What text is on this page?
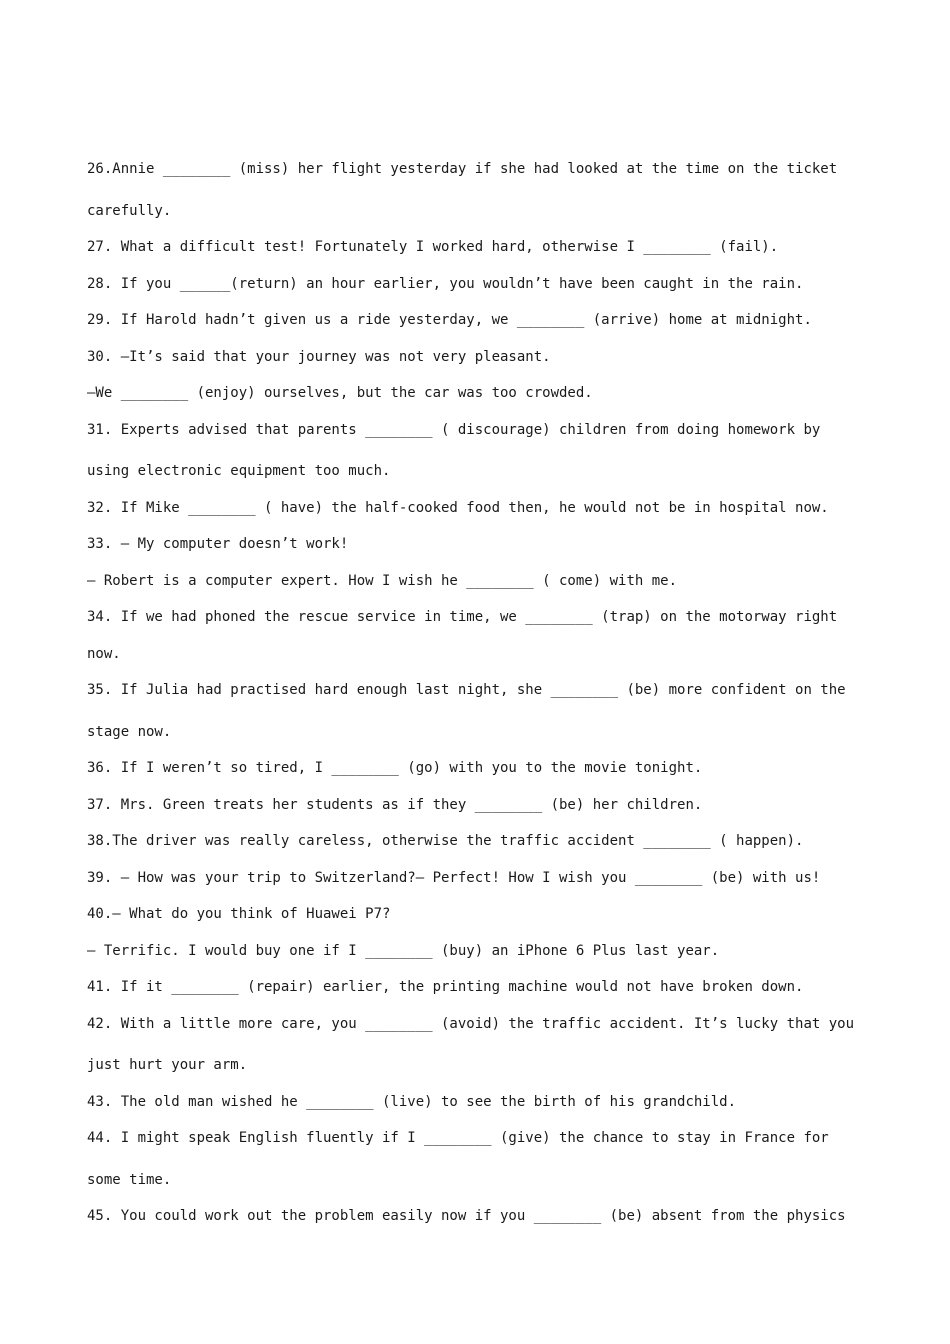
26.Annie ________ (miss) her flight yesterday if she had looked at the time on the ticket
carefully.
27. What a difficult test! Fortunately I worked hard, otherwise I ________ (fail).
28. If you ______(return) an hour earlier, you wouldn’t have been caught in the rain.
29. If Harold hadn’t given us a ride yesterday, we ________ (arrive) home at midnight.
30. —It’s said that your journey was not very pleasant.
—We ________ (enjoy) ourselves, but the car was too crowded.
31. Experts advised that parents ________ ( discourage) children from doing homework by
using electronic equipment too much.
32. If Mike ________ ( have) the half-cooked food then, he would not be in hospital now.
33. — My computer doesn’t work!
— Robert is a computer expert. How I wish he ________ ( come) with me.
34. If we had phoned the rescue service in time, we ________ (trap) on the motorway right
now.
35. If Julia had practised hard enough last night, she ________ (be) more confident on the
stage now.
36. If I weren’t so tired, I ________ (go) with you to the movie tonight.
37. Mrs. Green treats her students as if they ________ (be) her children.
38.The driver was really careless, otherwise the traffic accident ________ ( happen).
39. — How was your trip to Switzerland?— Perfect! How I wish you ________ (be) with us!
40.— What do you think of Huawei P7?
— Terrific. I would buy one if I ________ (buy) an iPhone 6 Plus last year.
41. If it ________ (repair) earlier, the printing machine would not have broken down.
42. With a little more care, you ________ (avoid) the traffic accident. It’s lucky that you
just hurt your arm.
43. The old man wished he ________ (live) to see the birth of his grandchild.
44. I might speak English fluently if I ________ (give) the chance to stay in France for
some time.
45. You could work out the problem easily now if you ________ (be) absent from the physics
